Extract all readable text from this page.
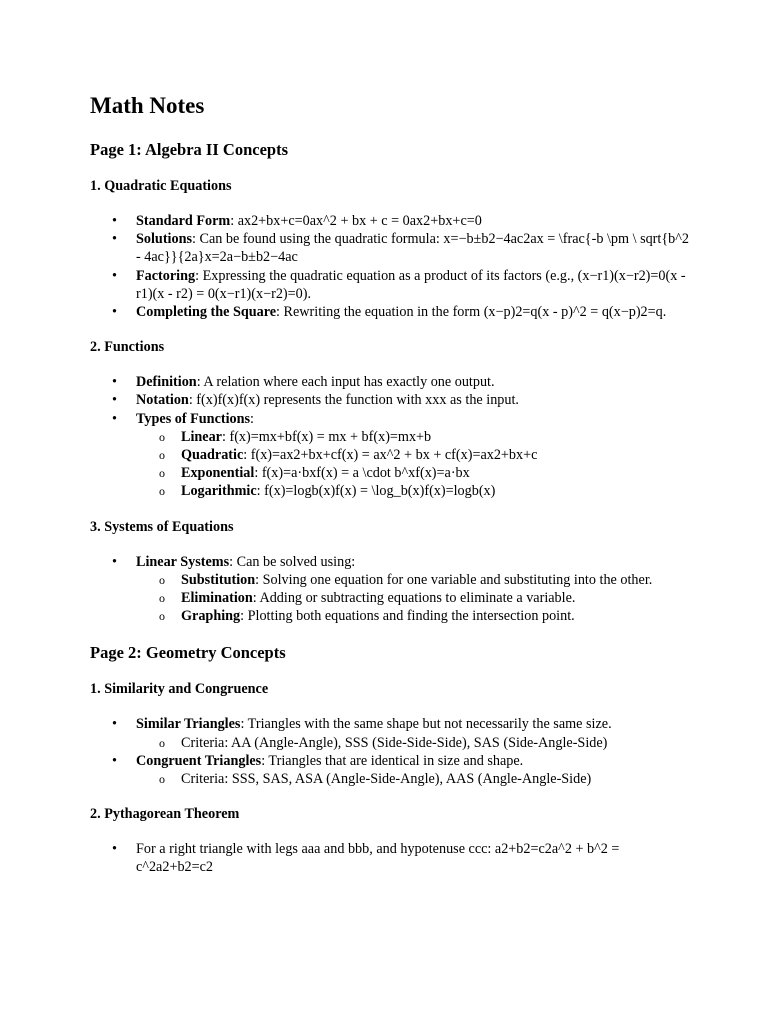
Math Notes
Page 1: Algebra II Concepts
1. Quadratic Equations
• Standard Form: ax2+bx+c=0ax^2 + bx + c = 0ax2+bx+c=0
• Solutions: Can be found using the quadratic formula: x=−b±b2−4ac2ax = \frac{-b \pm \ sqrt{b^2 - 4ac}}{2a}x=2a−b±b2−4ac
• Factoring: Expressing the quadratic equation as a product of its factors (e.g., (x−r1)(x−r2)=0(x - r1)(x - r2) = 0(x−r1)(x−r2)=0).
• Completing the Square: Rewriting the equation in the form (x−p)2=q(x - p)^2 = q(x−p)2=q.
2. Functions
• Definition: A relation where each input has exactly one output.
• Notation: f(x)f(x)f(x) represents the function with xxx as the input.
• Types of Functions:
o Linear: f(x)=mx+bf(x) = mx + bf(x)=mx+b
o Quadratic: f(x)=ax2+bx+cf(x) = ax^2 + bx + cf(x)=ax2+bx+c
o Exponential: f(x)=a·bxf(x) = a \cdot b^xf(x)=a·bx
o Logarithmic: f(x)=logb(x)f(x) = \log_b(x)f(x)=logb(x)
3. Systems of Equations
• Linear Systems: Can be solved using:
o Substitution: Solving one equation for one variable and substituting into the other.
o Elimination: Adding or subtracting equations to eliminate a variable.
o Graphing: Plotting both equations and finding the intersection point.
Page 2: Geometry Concepts
1. Similarity and Congruence
• Similar Triangles: Triangles with the same shape but not necessarily the same size.
o Criteria: AA (Angle-Angle), SSS (Side-Side-Side), SAS (Side-Angle-Side)
• Congruent Triangles: Triangles that are identical in size and shape.
o Criteria: SSS, SAS, ASA (Angle-Side-Angle), AAS (Angle-Angle-Side)
2. Pythagorean Theorem
• For a right triangle with legs aaa and bbb, and hypotenuse ccc: a2+b2=c2a^2 + b^2 = c^2a2+b2=c2
